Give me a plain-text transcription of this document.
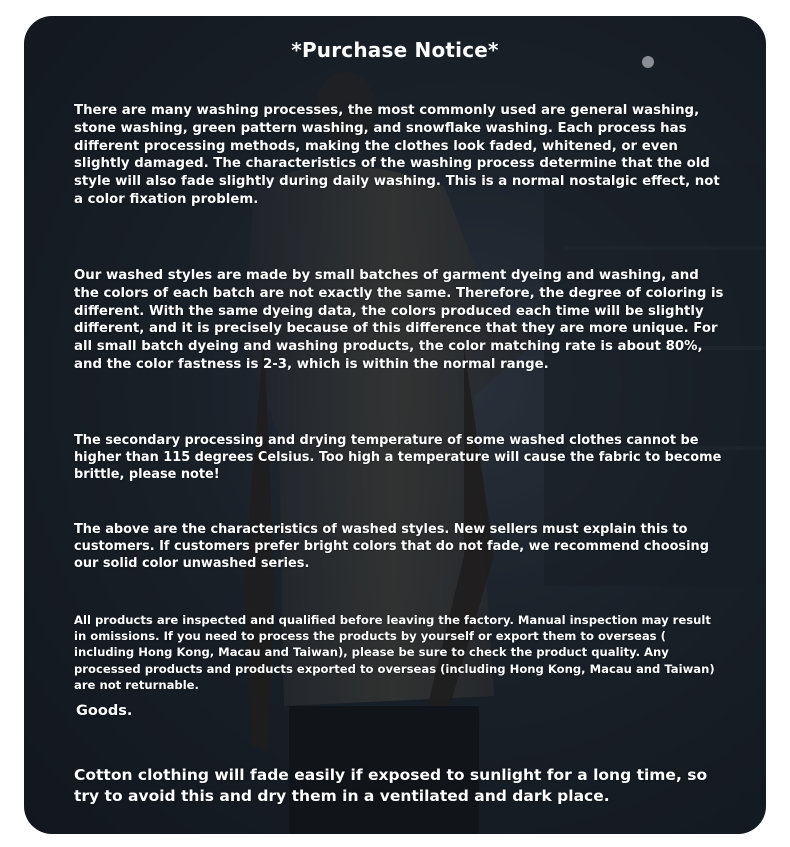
*Purchase Notice*
There are many washing processes, the most commonly used are general washing, stone washing, green pattern washing, and snowflake washing. Each process has different processing methods, making the clothes look faded, whitened, or even slightly damaged. The characteristics of the washing process determine that the old style will also fade slightly during daily washing. This is a normal nostalgic effect, not a color fixation problem.
Our washed styles are made by small batches of garment dyeing and washing, and the colors of each batch are not exactly the same. Therefore, the degree of coloring is different. With the same dyeing data, the colors produced each time will be slightly different, and it is precisely because of this difference that they are more unique. For all small batch dyeing and washing products, the color matching rate is about 80%, and the color fastness is 2-3, which is within the normal range.
The secondary processing and drying temperature of some washed clothes cannot be higher than 115 degrees Celsius. Too high a temperature will cause the fabric to become brittle, please note!
The above are the characteristics of washed styles. New sellers must explain this to customers. If customers prefer bright colors that do not fade, we recommend choosing our solid color unwashed series.
All products are inspected and qualified before leaving the factory. Manual inspection may result in omissions. If you need to process the products by yourself or export them to overseas ( including Hong Kong, Macau and Taiwan), please be sure to check the product quality. Any processed products and products exported to overseas (including Hong Kong, Macau and Taiwan) are not returnable.
Goods.
Cotton clothing will fade easily if exposed to sunlight for a long time, so try to avoid this and dry them in a ventilated and dark place.
